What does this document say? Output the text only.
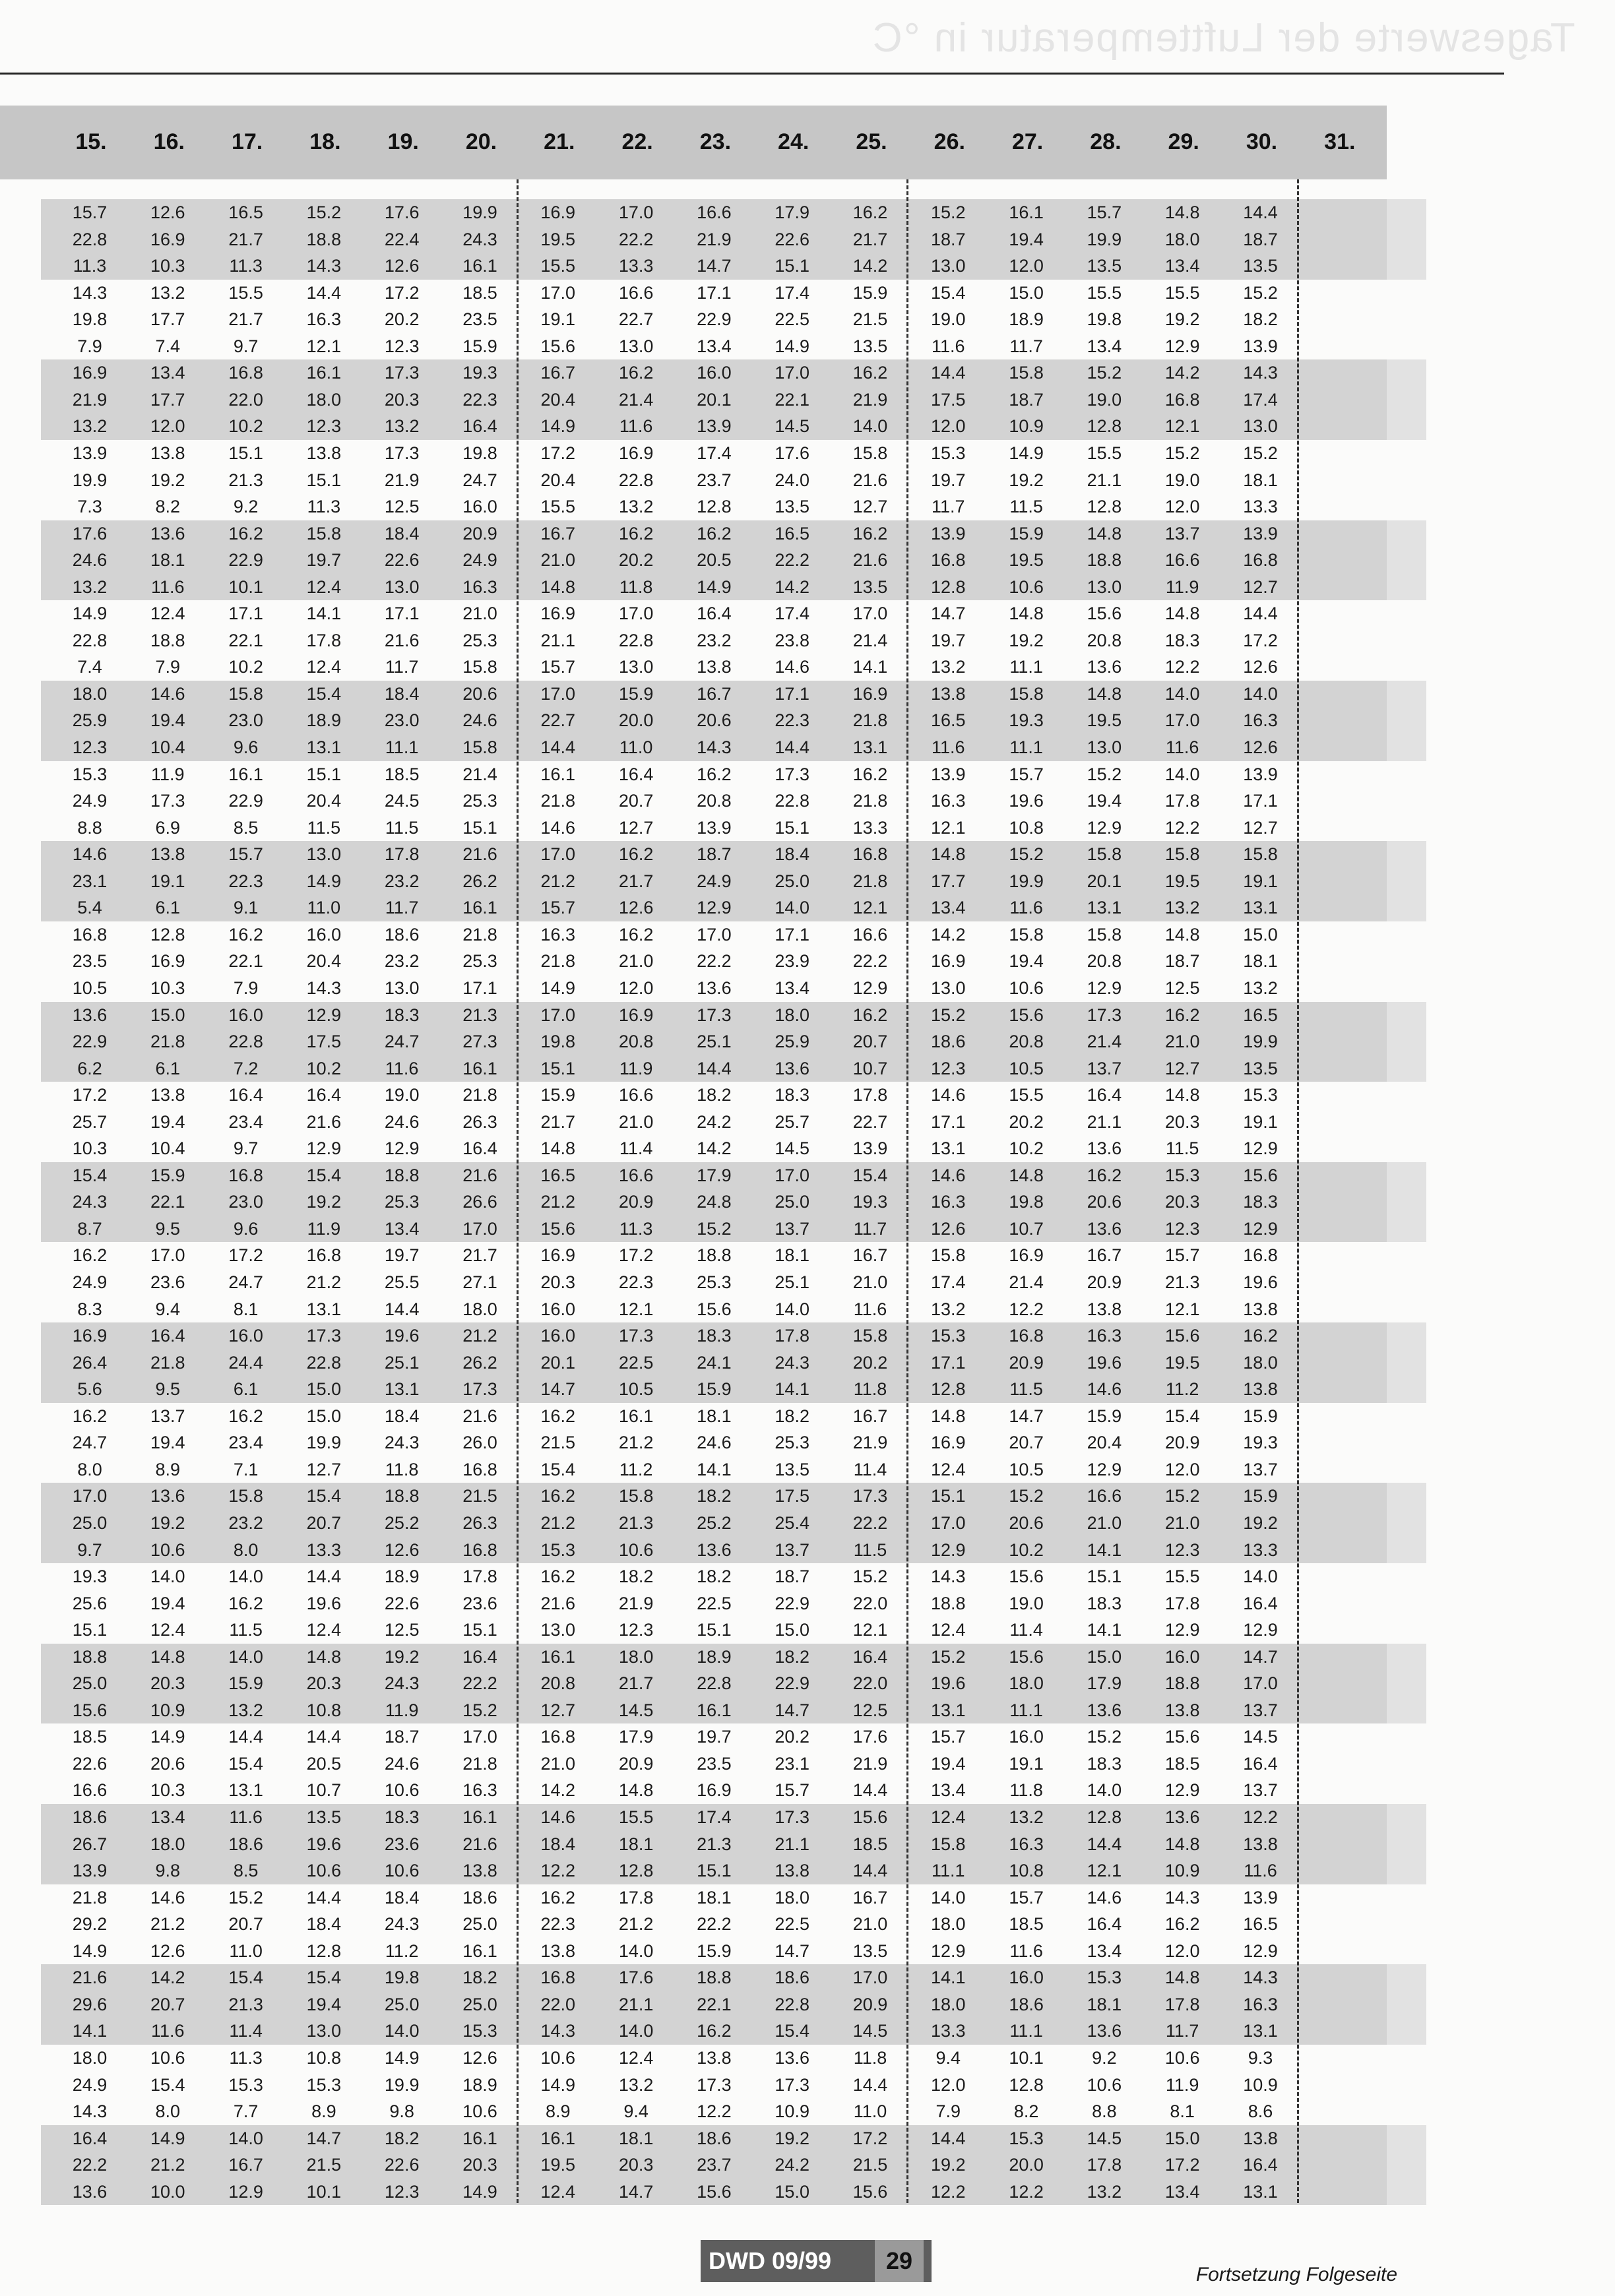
Tageswerte der Lufttemperatur in °C
15.	16.	17.	18.	19.	20.	21.	22.	23.	24.	25.	26.	27.	28.	29.	30.	31.
15.7	12.6	16.5	15.2	17.6	19.9	16.9	17.0	16.6	17.9	16.2	15.2	16.1	15.7	14.8	14.4
22.8	16.9	21.7	18.8	22.4	24.3	19.5	22.2	21.9	22.6	21.7	18.7	19.4	19.9	18.0	18.7
11.3	10.3	11.3	14.3	12.6	16.1	15.5	13.3	14.7	15.1	14.2	13.0	12.0	13.5	13.4	13.5
14.3	13.2	15.5	14.4	17.2	18.5	17.0	16.6	17.1	17.4	15.9	15.4	15.0	15.5	15.5	15.2
19.8	17.7	21.7	16.3	20.2	23.5	19.1	22.7	22.9	22.5	21.5	19.0	18.9	19.8	19.2	18.2
7.9	7.4	9.7	12.1	12.3	15.9	15.6	13.0	13.4	14.9	13.5	11.6	11.7	13.4	12.9	13.9
16.9	13.4	16.8	16.1	17.3	19.3	16.7	16.2	16.0	17.0	16.2	14.4	15.8	15.2	14.2	14.3
21.9	17.7	22.0	18.0	20.3	22.3	20.4	21.4	20.1	22.1	21.9	17.5	18.7	19.0	16.8	17.4
13.2	12.0	10.2	12.3	13.2	16.4	14.9	11.6	13.9	14.5	14.0	12.0	10.9	12.8	12.1	13.0
13.9	13.8	15.1	13.8	17.3	19.8	17.2	16.9	17.4	17.6	15.8	15.3	14.9	15.5	15.2	15.2
19.9	19.2	21.3	15.1	21.9	24.7	20.4	22.8	23.7	24.0	21.6	19.7	19.2	21.1	19.0	18.1
7.3	8.2	9.2	11.3	12.5	16.0	15.5	13.2	12.8	13.5	12.7	11.7	11.5	12.8	12.0	13.3
17.6	13.6	16.2	15.8	18.4	20.9	16.7	16.2	16.2	16.5	16.2	13.9	15.9	14.8	13.7	13.9
24.6	18.1	22.9	19.7	22.6	24.9	21.0	20.2	20.5	22.2	21.6	16.8	19.5	18.8	16.6	16.8
13.2	11.6	10.1	12.4	13.0	16.3	14.8	11.8	14.9	14.2	13.5	12.8	10.6	13.0	11.9	12.7
14.9	12.4	17.1	14.1	17.1	21.0	16.9	17.0	16.4	17.4	17.0	14.7	14.8	15.6	14.8	14.4
22.8	18.8	22.1	17.8	21.6	25.3	21.1	22.8	23.2	23.8	21.4	19.7	19.2	20.8	18.3	17.2
7.4	7.9	10.2	12.4	11.7	15.8	15.7	13.0	13.8	14.6	14.1	13.2	11.1	13.6	12.2	12.6
18.0	14.6	15.8	15.4	18.4	20.6	17.0	15.9	16.7	17.1	16.9	13.8	15.8	14.8	14.0	14.0
25.9	19.4	23.0	18.9	23.0	24.6	22.7	20.0	20.6	22.3	21.8	16.5	19.3	19.5	17.0	16.3
12.3	10.4	9.6	13.1	11.1	15.8	14.4	11.0	14.3	14.4	13.1	11.6	11.1	13.0	11.6	12.6
15.3	11.9	16.1	15.1	18.5	21.4	16.1	16.4	16.2	17.3	16.2	13.9	15.7	15.2	14.0	13.9
24.9	17.3	22.9	20.4	24.5	25.3	21.8	20.7	20.8	22.8	21.8	16.3	19.6	19.4	17.8	17.1
8.8	6.9	8.5	11.5	11.5	15.1	14.6	12.7	13.9	15.1	13.3	12.1	10.8	12.9	12.2	12.7
14.6	13.8	15.7	13.0	17.8	21.6	17.0	16.2	18.7	18.4	16.8	14.8	15.2	15.8	15.8	15.8
23.1	19.1	22.3	14.9	23.2	26.2	21.2	21.7	24.9	25.0	21.8	17.7	19.9	20.1	19.5	19.1
5.4	6.1	9.1	11.0	11.7	16.1	15.7	12.6	12.9	14.0	12.1	13.4	11.6	13.1	13.2	13.1
16.8	12.8	16.2	16.0	18.6	21.8	16.3	16.2	17.0	17.1	16.6	14.2	15.8	15.8	14.8	15.0
23.5	16.9	22.1	20.4	23.2	25.3	21.8	21.0	22.2	23.9	22.2	16.9	19.4	20.8	18.7	18.1
10.5	10.3	7.9	14.3	13.0	17.1	14.9	12.0	13.6	13.4	12.9	13.0	10.6	12.9	12.5	13.2
13.6	15.0	16.0	12.9	18.3	21.3	17.0	16.9	17.3	18.0	16.2	15.2	15.6	17.3	16.2	16.5
22.9	21.8	22.8	17.5	24.7	27.3	19.8	20.8	25.1	25.9	20.7	18.6	20.8	21.4	21.0	19.9
6.2	6.1	7.2	10.2	11.6	16.1	15.1	11.9	14.4	13.6	10.7	12.3	10.5	13.7	12.7	13.5
17.2	13.8	16.4	16.4	19.0	21.8	15.9	16.6	18.2	18.3	17.8	14.6	15.5	16.4	14.8	15.3
25.7	19.4	23.4	21.6	24.6	26.3	21.7	21.0	24.2	25.7	22.7	17.1	20.2	21.1	20.3	19.1
10.3	10.4	9.7	12.9	12.9	16.4	14.8	11.4	14.2	14.5	13.9	13.1	10.2	13.6	11.5	12.9
15.4	15.9	16.8	15.4	18.8	21.6	16.5	16.6	17.9	17.0	15.4	14.6	14.8	16.2	15.3	15.6
24.3	22.1	23.0	19.2	25.3	26.6	21.2	20.9	24.8	25.0	19.3	16.3	19.8	20.6	20.3	18.3
8.7	9.5	9.6	11.9	13.4	17.0	15.6	11.3	15.2	13.7	11.7	12.6	10.7	13.6	12.3	12.9
16.2	17.0	17.2	16.8	19.7	21.7	16.9	17.2	18.8	18.1	16.7	15.8	16.9	16.7	15.7	16.8
24.9	23.6	24.7	21.2	25.5	27.1	20.3	22.3	25.3	25.1	21.0	17.4	21.4	20.9	21.3	19.6
8.3	9.4	8.1	13.1	14.4	18.0	16.0	12.1	15.6	14.0	11.6	13.2	12.2	13.8	12.1	13.8
16.9	16.4	16.0	17.3	19.6	21.2	16.0	17.3	18.3	17.8	15.8	15.3	16.8	16.3	15.6	16.2
26.4	21.8	24.4	22.8	25.1	26.2	20.1	22.5	24.1	24.3	20.2	17.1	20.9	19.6	19.5	18.0
5.6	9.5	6.1	15.0	13.1	17.3	14.7	10.5	15.9	14.1	11.8	12.8	11.5	14.6	11.2	13.8
16.2	13.7	16.2	15.0	18.4	21.6	16.2	16.1	18.1	18.2	16.7	14.8	14.7	15.9	15.4	15.9
24.7	19.4	23.4	19.9	24.3	26.0	21.5	21.2	24.6	25.3	21.9	16.9	20.7	20.4	20.9	19.3
8.0	8.9	7.1	12.7	11.8	16.8	15.4	11.2	14.1	13.5	11.4	12.4	10.5	12.9	12.0	13.7
17.0	13.6	15.8	15.4	18.8	21.5	16.2	15.8	18.2	17.5	17.3	15.1	15.2	16.6	15.2	15.9
25.0	19.2	23.2	20.7	25.2	26.3	21.2	21.3	25.2	25.4	22.2	17.0	20.6	21.0	21.0	19.2
9.7	10.6	8.0	13.3	12.6	16.8	15.3	10.6	13.6	13.7	11.5	12.9	10.2	14.1	12.3	13.3
19.3	14.0	14.0	14.4	18.9	17.8	16.2	18.2	18.2	18.7	15.2	14.3	15.6	15.1	15.5	14.0
25.6	19.4	16.2	19.6	22.6	23.6	21.6	21.9	22.5	22.9	22.0	18.8	19.0	18.3	17.8	16.4
15.1	12.4	11.5	12.4	12.5	15.1	13.0	12.3	15.1	15.0	12.1	12.4	11.4	14.1	12.9	12.9
18.8	14.8	14.0	14.8	19.2	16.4	16.1	18.0	18.9	18.2	16.4	15.2	15.6	15.0	16.0	14.7
25.0	20.3	15.9	20.3	24.3	22.2	20.8	21.7	22.8	22.9	22.0	19.6	18.0	17.9	18.8	17.0
15.6	10.9	13.2	10.8	11.9	15.2	12.7	14.5	16.1	14.7	12.5	13.1	11.1	13.6	13.8	13.7
18.5	14.9	14.4	14.4	18.7	17.0	16.8	17.9	19.7	20.2	17.6	15.7	16.0	15.2	15.6	14.5
22.6	20.6	15.4	20.5	24.6	21.8	21.0	20.9	23.5	23.1	21.9	19.4	19.1	18.3	18.5	16.4
16.6	10.3	13.1	10.7	10.6	16.3	14.2	14.8	16.9	15.7	14.4	13.4	11.8	14.0	12.9	13.7
18.6	13.4	11.6	13.5	18.3	16.1	14.6	15.5	17.4	17.3	15.6	12.4	13.2	12.8	13.6	12.2
26.7	18.0	18.6	19.6	23.6	21.6	18.4	18.1	21.3	21.1	18.5	15.8	16.3	14.4	14.8	13.8
13.9	9.8	8.5	10.6	10.6	13.8	12.2	12.8	15.1	13.8	14.4	11.1	10.8	12.1	10.9	11.6
21.8	14.6	15.2	14.4	18.4	18.6	16.2	17.8	18.1	18.0	16.7	14.0	15.7	14.6	14.3	13.9
29.2	21.2	20.7	18.4	24.3	25.0	22.3	21.2	22.2	22.5	21.0	18.0	18.5	16.4	16.2	16.5
14.9	12.6	11.0	12.8	11.2	16.1	13.8	14.0	15.9	14.7	13.5	12.9	11.6	13.4	12.0	12.9
21.6	14.2	15.4	15.4	19.8	18.2	16.8	17.6	18.8	18.6	17.0	14.1	16.0	15.3	14.8	14.3
29.6	20.7	21.3	19.4	25.0	25.0	22.0	21.1	22.1	22.8	20.9	18.0	18.6	18.1	17.8	16.3
14.1	11.6	11.4	13.0	14.0	15.3	14.3	14.0	16.2	15.4	14.5	13.3	11.1	13.6	11.7	13.1
18.0	10.6	11.3	10.8	14.9	12.6	10.6	12.4	13.8	13.6	11.8	9.4	10.1	9.2	10.6	9.3
24.9	15.4	15.3	15.3	19.9	18.9	14.9	13.2	17.3	17.3	14.4	12.0	12.8	10.6	11.9	10.9
14.3	8.0	7.7	8.9	9.8	10.6	8.9	9.4	12.2	10.9	11.0	7.9	8.2	8.8	8.1	8.6
16.4	14.9	14.0	14.7	18.2	16.1	16.1	18.1	18.6	19.2	17.2	14.4	15.3	14.5	15.0	13.8
22.2	21.2	16.7	21.5	22.6	20.3	19.5	20.3	23.7	24.2	21.5	19.2	20.0	17.8	17.2	16.4
13.6	10.0	12.9	10.1	12.3	14.9	12.4	14.7	15.6	15.0	15.6	12.2	12.2	13.2	13.4	13.1
Fortsetzung Folgeseite
DWD 09/99	29
